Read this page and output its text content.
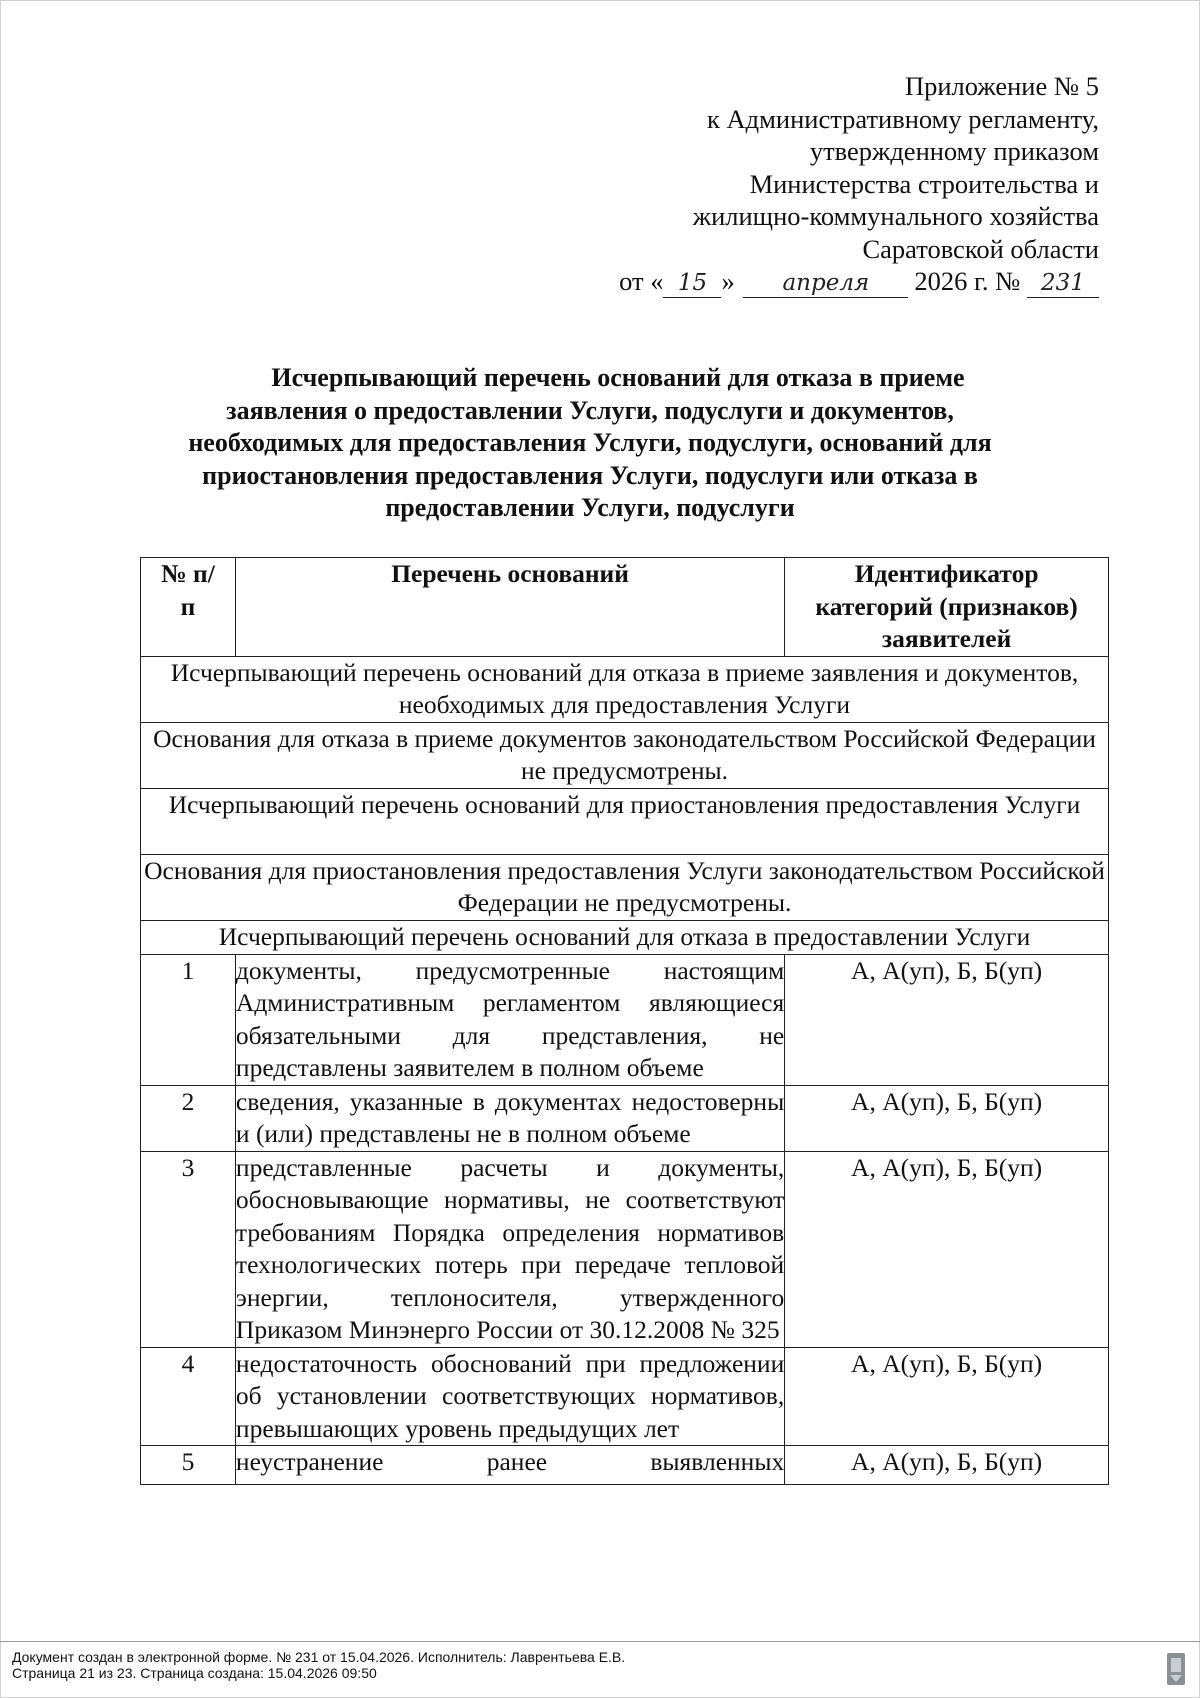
Приложение № 5
к Административному регламенту,
утвержденному приказом
Министерства строительства и
жилищно-коммунального хозяйства
Саратовской области
от « 15 » апреля 2026 г. № 231
Исчерпывающий перечень оснований для отказа в приеме
заявления о предоставлении Услуги, подуслуги и документов,
необходимых для предоставления Услуги, подуслуги, оснований для
приостановления предоставления Услуги, подуслуги или отказа в
предоставлении Услуги, подуслуги
№ п/п	Перечень оснований	Идентификатор категорий (признаков) заявителей
Исчерпывающий перечень оснований для отказа в приеме заявления и документов, необходимых для предоставления Услуги		
Основания для отказа в приеме документов законодательством Российской Федерации не предусмотрены.		
Исчерпывающий перечень оснований для приостановления предоставления Услуги		
Основания для приостановления предоставления Услуги законодательством Российской Федерации не предусмотрены.		
Исчерпывающий перечень оснований для отказа в предоставлении Услуги		
1	документы, предусмотренные настоящим Административным регламентом являющиеся обязательными для представления, не представлены заявителем в полном объеме	А, А(уп), Б, Б(уп)
2	сведения, указанные в документах недостоверны и (или) представлены не в полном объеме	А, А(уп), Б, Б(уп)
3	представленные расчеты и документы, обосновывающие нормативы, не соответствуют требованиям Порядка определения нормативов технологических потерь при передаче тепловой энергии, теплоносителя, утвержденного Приказом Минэнерго России от 30.12.2008 № 325	А, А(уп), Б, Б(уп)
4	недостаточность обоснований при предложении об установлении соответствующих нормативов, превышающих уровень предыдущих лет	А, А(уп), Б, Б(уп)

5	неустранение ранее выявленных	А, А(уп), Б, Б(уп)
Документ создан в электронной форме. № 231 от 15.04.2026. Исполнитель: Лаврентьева Е.В.
Страница 21 из 23. Страница создана: 15.04.2026 09:50
